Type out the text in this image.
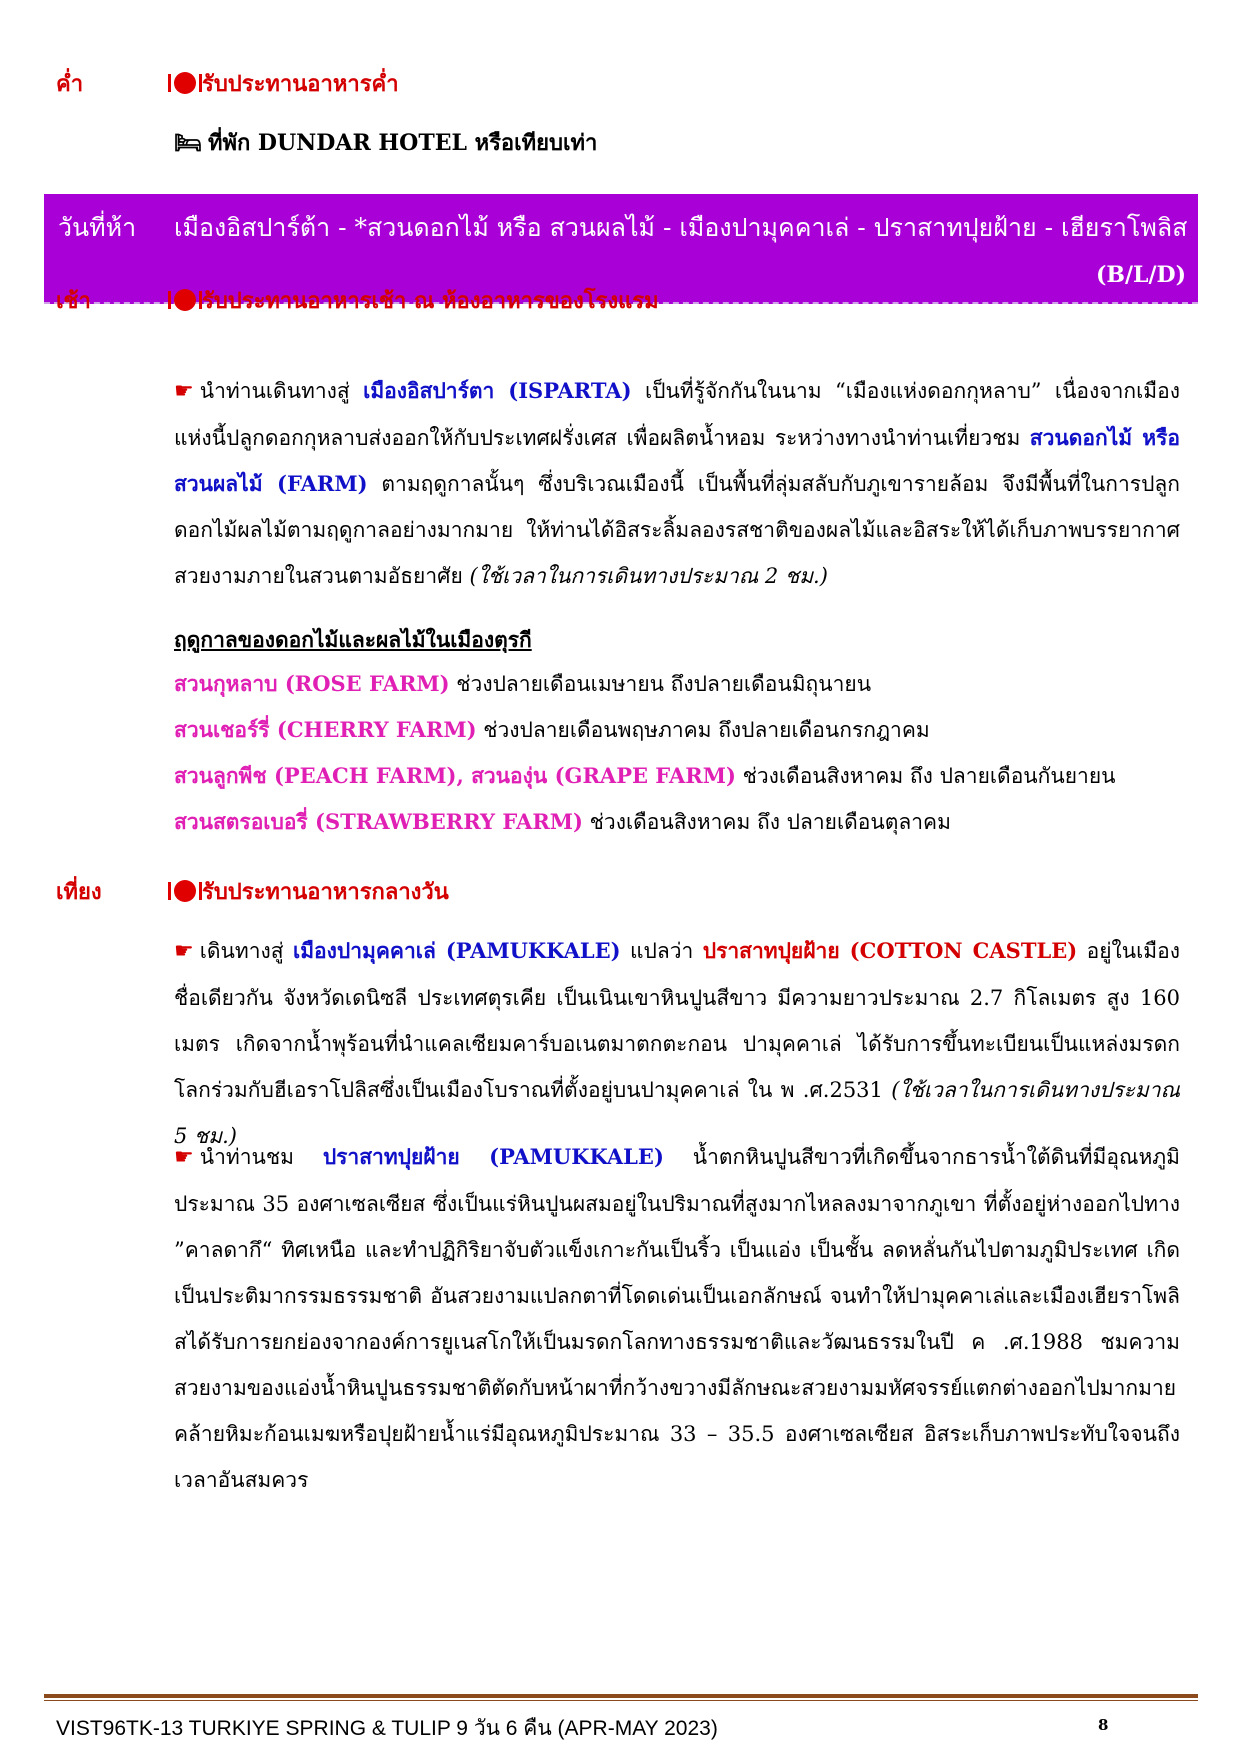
ค่ำ	รับประทานอาหารค่ำ
🛏 ที่พัก DUNDAR HOTEL หรือเทียบเท่า
วันที่ห้า เมืองอิสปาร์ต้า - *สวนดอกไม้ หรือ สวนผลไม้ - เมืองปามุคคาเล่ - ปราสาทปุยฝ้าย - เฮียราโพลิส
(B/L/D)
เช้า	รับประทานอาหารเช้า ณ ห้องอาหารของโรงแรม
☛ นำท่านเดินทางสู่ เมืองอิสปาร์ตา (ISPARTA) เป็นที่รู้จักกันในนาม “เมืองแห่งดอกกุหลาบ” เนื่องจากเมืองแห่งนี้ปลูกดอกกุหลาบส่งออกให้กับประเทศฝรั่งเศส เพื่อผลิตน้ำหอม ระหว่างทางนำท่านเที่ยวชม สวนดอกไม้ หรือ สวนผลไม้ (FARM) ตามฤดูกาลนั้นๆ ซึ่งบริเวณเมืองนี้ เป็นพื้นที่ลุ่มสลับกับภูเขารายล้อม จึงมีพื้นที่ในการปลูกดอกไม้ผลไม้ตามฤดูกาลอย่างมากมาย ให้ท่านได้อิสระลิ้มลองรสชาติของผลไม้และอิสระให้ได้เก็บภาพบรรยากาศสวยงามภายในสวนตามอัธยาศัย (ใช้เวลาในการเดินทางประมาณ 2 ชม.)
ฤดูกาลของดอกไม้และผลไม้ในเมืองตุรกี
สวนกุหลาบ (ROSE FARM) ช่วงปลายเดือนเมษายน ถึงปลายเดือนมิถุนายน
สวนเชอร์รี่ (CHERRY FARM) ช่วงปลายเดือนพฤษภาคม ถึงปลายเดือนกรกฎาคม
สวนลูกพีช (PEACH FARM), สวนองุ่น (GRAPE FARM) ช่วงเดือนสิงหาคม ถึง ปลายเดือนกันยายน
สวนสตรอเบอรี่ (STRAWBERRY FARM) ช่วงเดือนสิงหาคม ถึง ปลายเดือนตุลาคม
เที่ยง	รับประทานอาหารกลางวัน
☛ เดินทางสู่ เมืองปามุคคาเล่ (PAMUKKALE) แปลว่า ปราสาทปุยฝ้าย (COTTON CASTLE) อยู่ในเมืองชื่อเดียวกัน จังหวัดเดนิซลี ประเทศตุรเคีย เป็นเนินเขาหินปูนสีขาว มีความยาวประมาณ 2.7 กิโลเมตร สูง 160 เมตร เกิดจากน้ำพุร้อนที่นำแคลเซียมคาร์บอเนตมาตกตะกอน ปามุคคาเล่ ได้รับการขึ้นทะเบียนเป็นแหล่งมรดกโลกร่วมกับฮีเอราโปลิสซึ่งเป็นเมืองโบราณที่ตั้งอยู่บนปามุคคาเล่ ใน พ .ศ.2531 (ใช้เวลาในการเดินทางประมาณ 5 ชม.)
☛ นำท่านชม ปราสาทปุยฝ้าย (PAMUKKALE) น้ำตกหินปูนสีขาวที่เกิดขึ้นจากธารน้ำใต้ดินที่มีอุณหภูมิประมาณ 35 องศาเซลเซียส ซึ่งเป็นแร่หินปูนผสมอยู่ในปริมาณที่สูงมากไหลลงมาจากภูเขา ที่ตั้งอยู่ห่างออกไปทาง ”คาลดากึ“ ทิศเหนือ และทำปฏิกิริยาจับตัวแข็งเกาะกันเป็นริ้ว เป็นแอ่ง เป็นชั้น ลดหลั่นกันไปตามภูมิประเทศ เกิดเป็นประติมากรรมธรรมชาติ อันสวยงามแปลกตาที่โดดเด่นเป็นเอกลักษณ์ จนทำให้ปามุคคาเล่และเมืองเฮียราโพลิสได้รับการยกย่องจากองค์การยูเนสโกให้เป็นมรดกโลกทางธรรมชาติและวัฒนธรรมในปี ค .ศ.1988 ชมความสวยงามของแอ่งน้ำหินปูนธรรมชาติตัดกับหน้าผาที่กว้างขวางมีลักษณะสวยงามมหัศจรรย์แตกต่างออกไปมากมายคล้ายหิมะก้อนเมฆหรือปุยฝ้ายน้ำแร่มีอุณหภูมิประมาณ 33 – 35.5 องศาเซลเซียส อิสระเก็บภาพประทับใจจนถึงเวลาอันสมควร
VIST96TK-13 TURKIYE SPRING & TULIP 9 วัน 6 คืน (APR-MAY 2023)	8
